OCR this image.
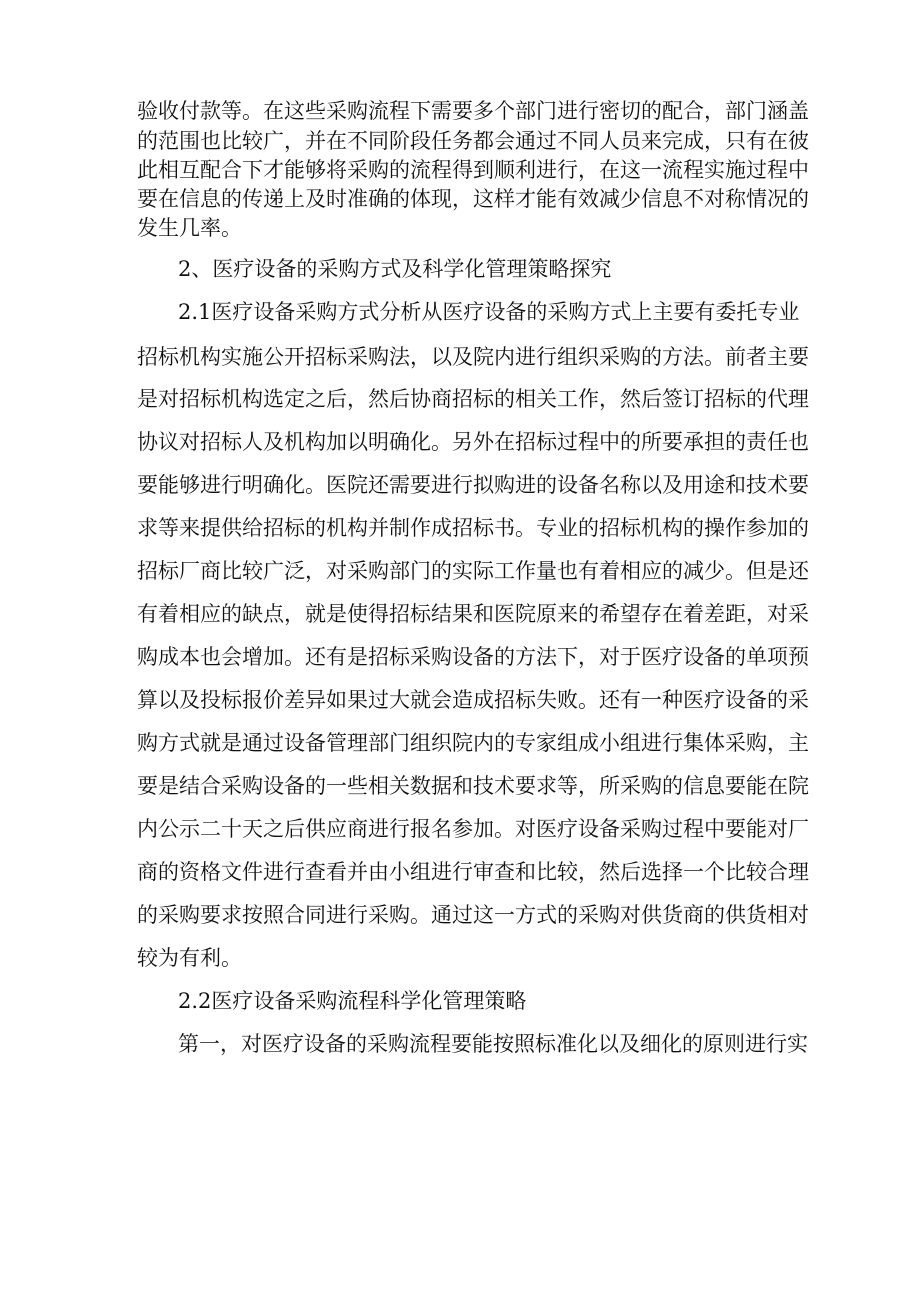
验收付款等。在这些采购流程下需要多个部门进行密切的配合，部门涵盖
的范围也比较广，并在不同阶段任务都会通过不同人员来完成，只有在彼
此相互配合下才能够将采购的流程得到顺利进行，在这一流程实施过程中
要在信息的传递上及时准确的体现，这样才能有效减少信息不对称情况的
发生几率。
2、医疗设备的采购方式及科学化管理策略探究
2.1医疗设备采购方式分析从医疗设备的采购方式上主要有委托专业
招标机构实施公开招标采购法，以及院内进行组织采购的方法。前者主要
是对招标机构选定之后，然后协商招标的相关工作，然后签订招标的代理
协议对招标人及机构加以明确化。另外在招标过程中的所要承担的责任也
要能够进行明确化。医院还需要进行拟购进的设备名称以及用途和技术要
求等来提供给招标的机构并制作成招标书。专业的招标机构的操作参加的
招标厂商比较广泛，对采购部门的实际工作量也有着相应的减少。但是还
有着相应的缺点，就是使得招标结果和医院原来的希望存在着差距，对采
购成本也会增加。还有是招标采购设备的方法下，对于医疗设备的单项预
算以及投标报价差异如果过大就会造成招标失败。还有一种医疗设备的采
购方式就是通过设备管理部门组织院内的专家组成小组进行集体采购，主
要是结合采购设备的一些相关数据和技术要求等，所采购的信息要能在院
内公示二十天之后供应商进行报名参加。对医疗设备采购过程中要能对厂
商的资格文件进行查看并由小组进行审查和比较，然后选择一个比较合理
的采购要求按照合同进行采购。通过这一方式的采购对供货商的供货相对
较为有利。
2.2医疗设备采购流程科学化管理策略
第一，对医疗设备的采购流程要能按照标准化以及细化的原则进行实
